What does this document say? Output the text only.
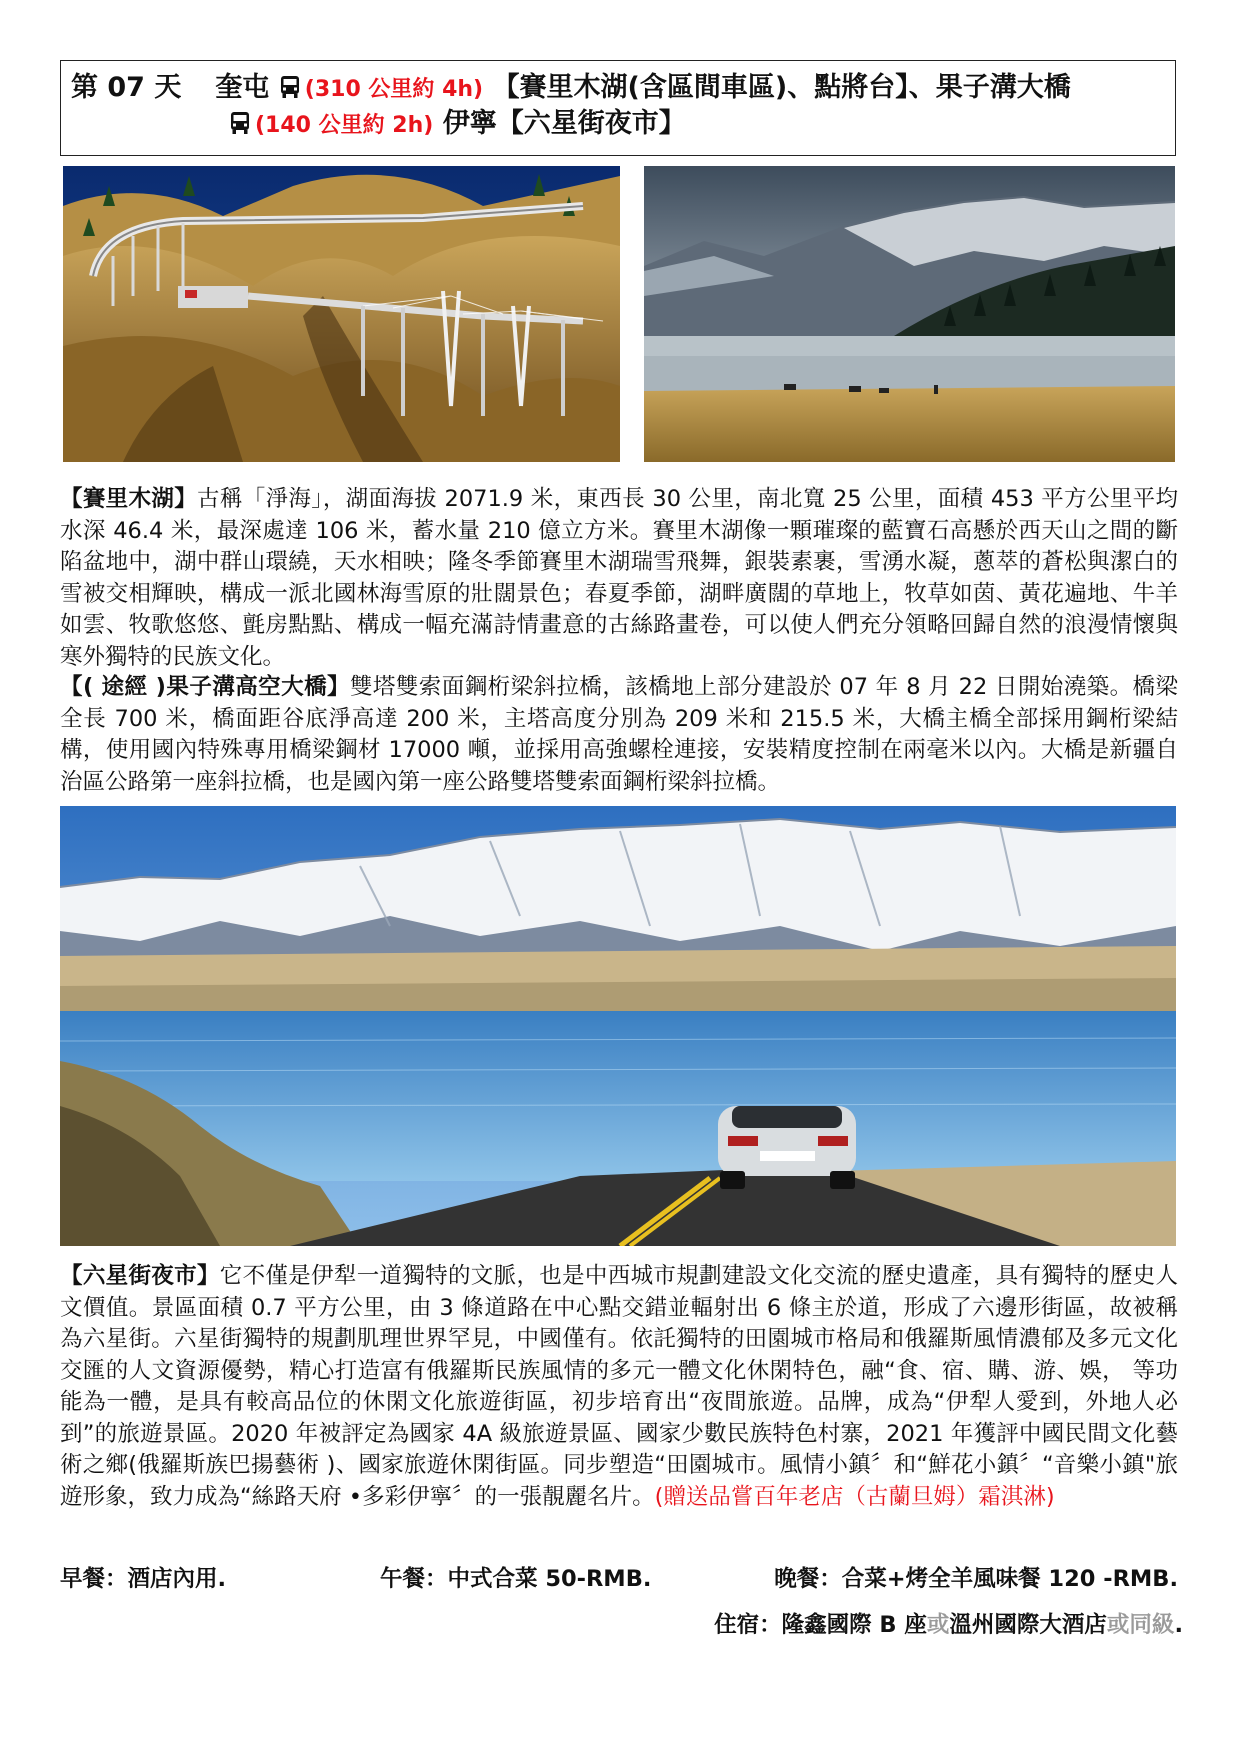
第 07 天 奎屯 (310 公里約 4h) 【賽里木湖(含區間車區)、點將台】、果子溝大橋
(140 公里約 2h) 伊寧【六星街夜市】
【賽里木湖】古稱「淨海」，湖面海拔 2071.9 米，東西長 30 公里，南北寬 25 公里，面積 453 平方公里平均水深 46.4 米，最深處達 106 米，蓄水量 210 億立方米。賽里木湖像一顆璀璨的藍寶石高懸於西天山之間的斷陷盆地中，湖中群山環繞，天水相映；隆冬季節賽里木湖瑞雪飛舞，銀裝素裹，雪湧水凝，蔥萃的蒼松與潔白的雪被交相輝映，構成一派北國林海雪原的壯闊景色；春夏季節，湖畔廣闊的草地上，牧草如茵、黃花遍地、牛羊如雲、牧歌悠悠、氈房點點、構成一幅充滿詩情畫意的古絲路畫卷，可以使人們充分領略回歸自然的浪漫情懷與寒外獨特的民族文化。
【( 途經 )果子溝高空大橋】雙塔雙索面鋼桁梁斜拉橋，該橋地上部分建設於 07 年 8 月 22 日開始澆築。橋梁全長 700 米，橋面距谷底淨高達 200 米，主塔高度分別為 209 米和 215.5 米，大橋主橋全部採用鋼桁梁結構，使用國內特殊專用橋梁鋼材 17000 噸，並採用高強螺栓連接，安裝精度控制在兩毫米以內。大橋是新疆自治區公路第一座斜拉橋，也是國內第一座公路雙塔雙索面鋼桁梁斜拉橋。
【六星街夜市】它不僅是伊犁一道獨特的文脈，也是中西城市規劃建設文化交流的歷史遺產，具有獨特的歷史人文價值。景區面積 0.7 平方公里，由 3 條道路在中心點交錯並輻射出 6 條主於道，形成了六邊形街區，故被稱為六星街。六星街獨特的規劃肌理世界罕見，中國僅有。依託獨特的田園城市格局和俄羅斯風情濃郁及多元文化交匯的人文資源優勢，精心打造富有俄羅斯民族風情的多元一體文化休閑特色，融“食、宿、購、游、娛， 等功能為一體，是具有較高品位的休閑文化旅遊街區，初步培育出“夜間旅遊。品牌，成為“伊犁人愛到，外地人必到”的旅遊景區。2020 年被評定為國家 4A 級旅遊景區、國家少數民族特色村寨，2021 年獲評中國民間文化藝術之鄉(俄羅斯族巴揚藝術 )、國家旅遊休閑街區。同步塑造“田園城市。風情小鎮〞和“鮮花小鎮〞“音樂小鎮"旅遊形象，致力成為“絲路天府 •多彩伊寧〞的一張靚麗名片。(贈送品嘗百年老店（古蘭旦姆）霜淇淋)
早餐：酒店內用.	午餐：中式合菜 50-RMB.	晚餐：合菜+烤全羊風味餐 120 -RMB.
住宿：隆鑫國際 B 座或溫州國際大酒店或同級.
